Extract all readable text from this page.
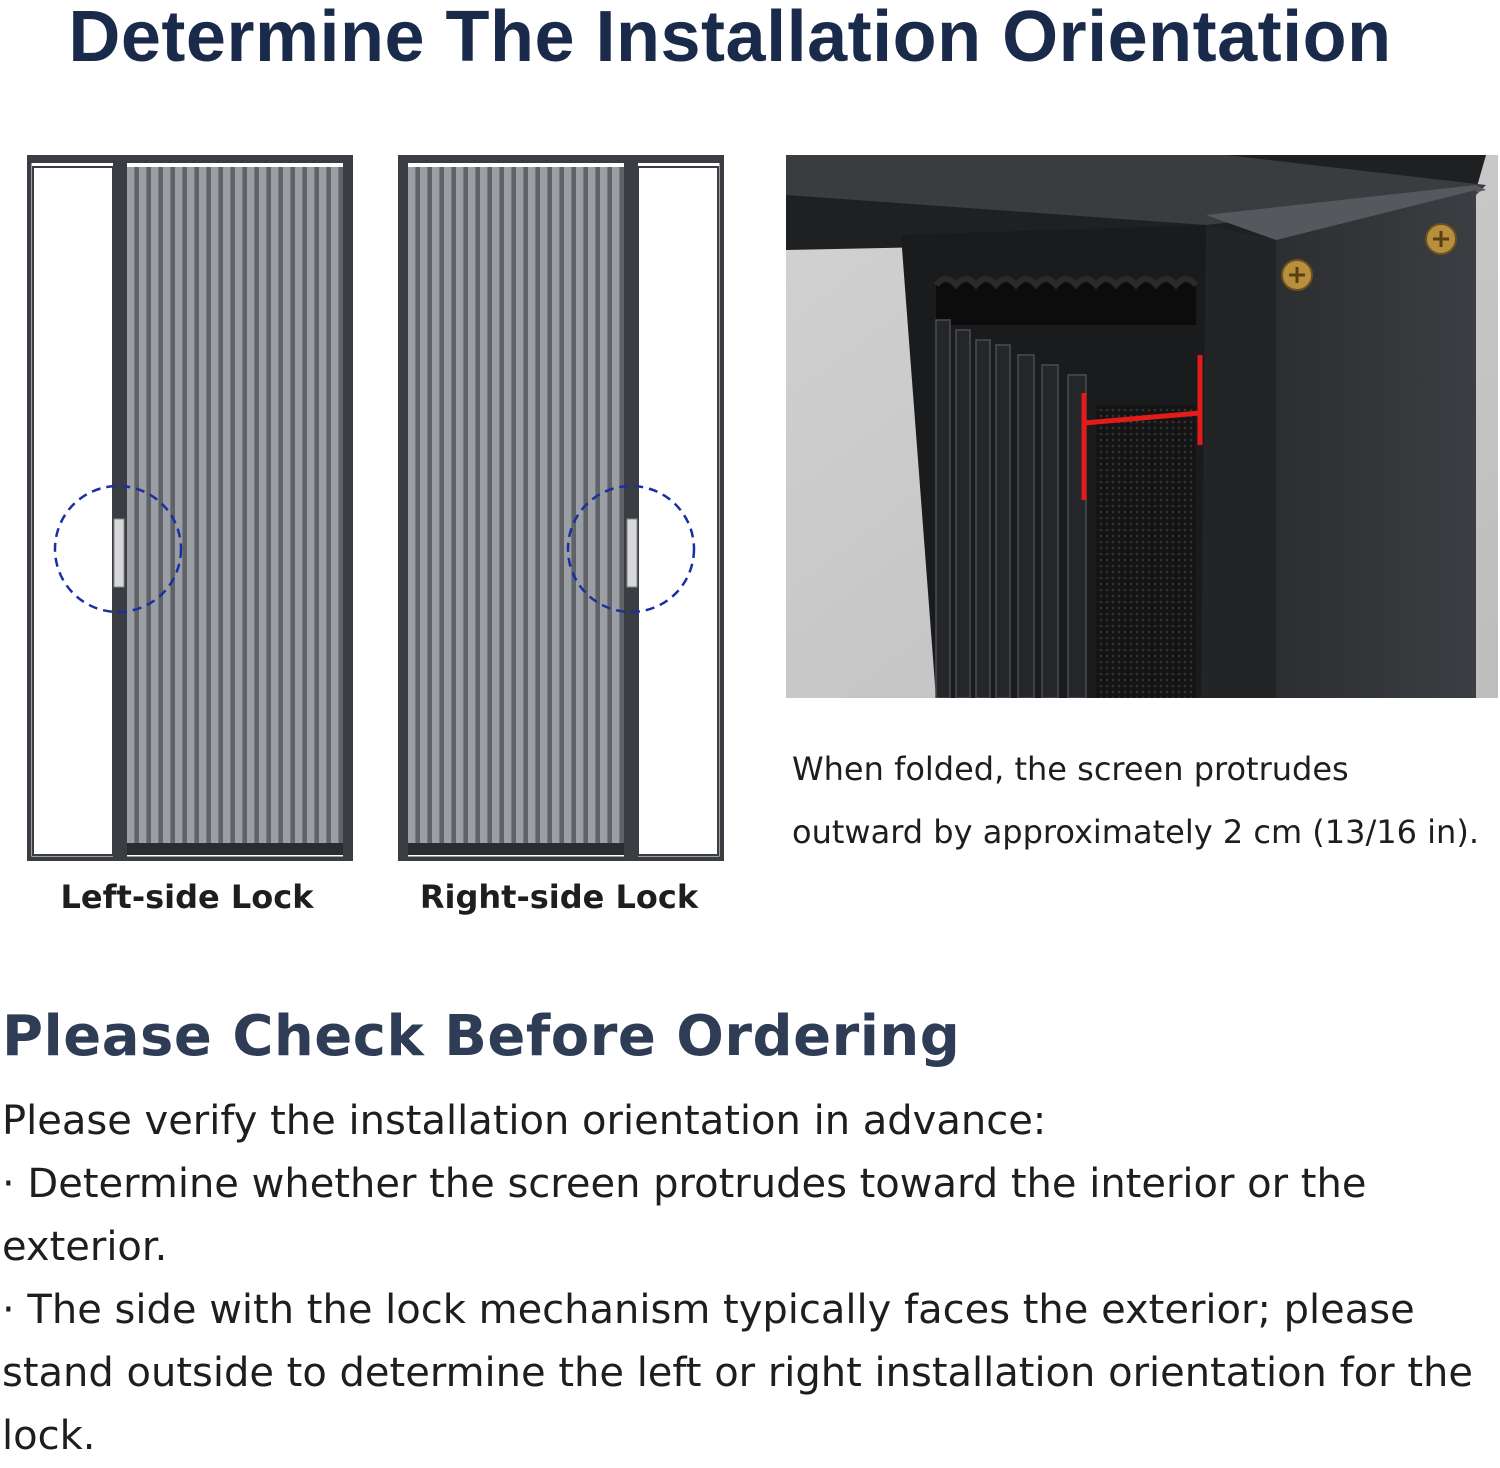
Determine The Installation Orientation
Left-side Lock	Right-side Lock
When folded, the screen protrudes
outward by approximately 2 cm (13/16 in).
Please Check Before Ordering

Please verify the installation orientation in advance:

· Determine whether the screen protrudes toward the interior or the exterior.

· The side with the lock mechanism typically faces the exterior; please stand outside to determine the left or right installation orientation for the lock.
